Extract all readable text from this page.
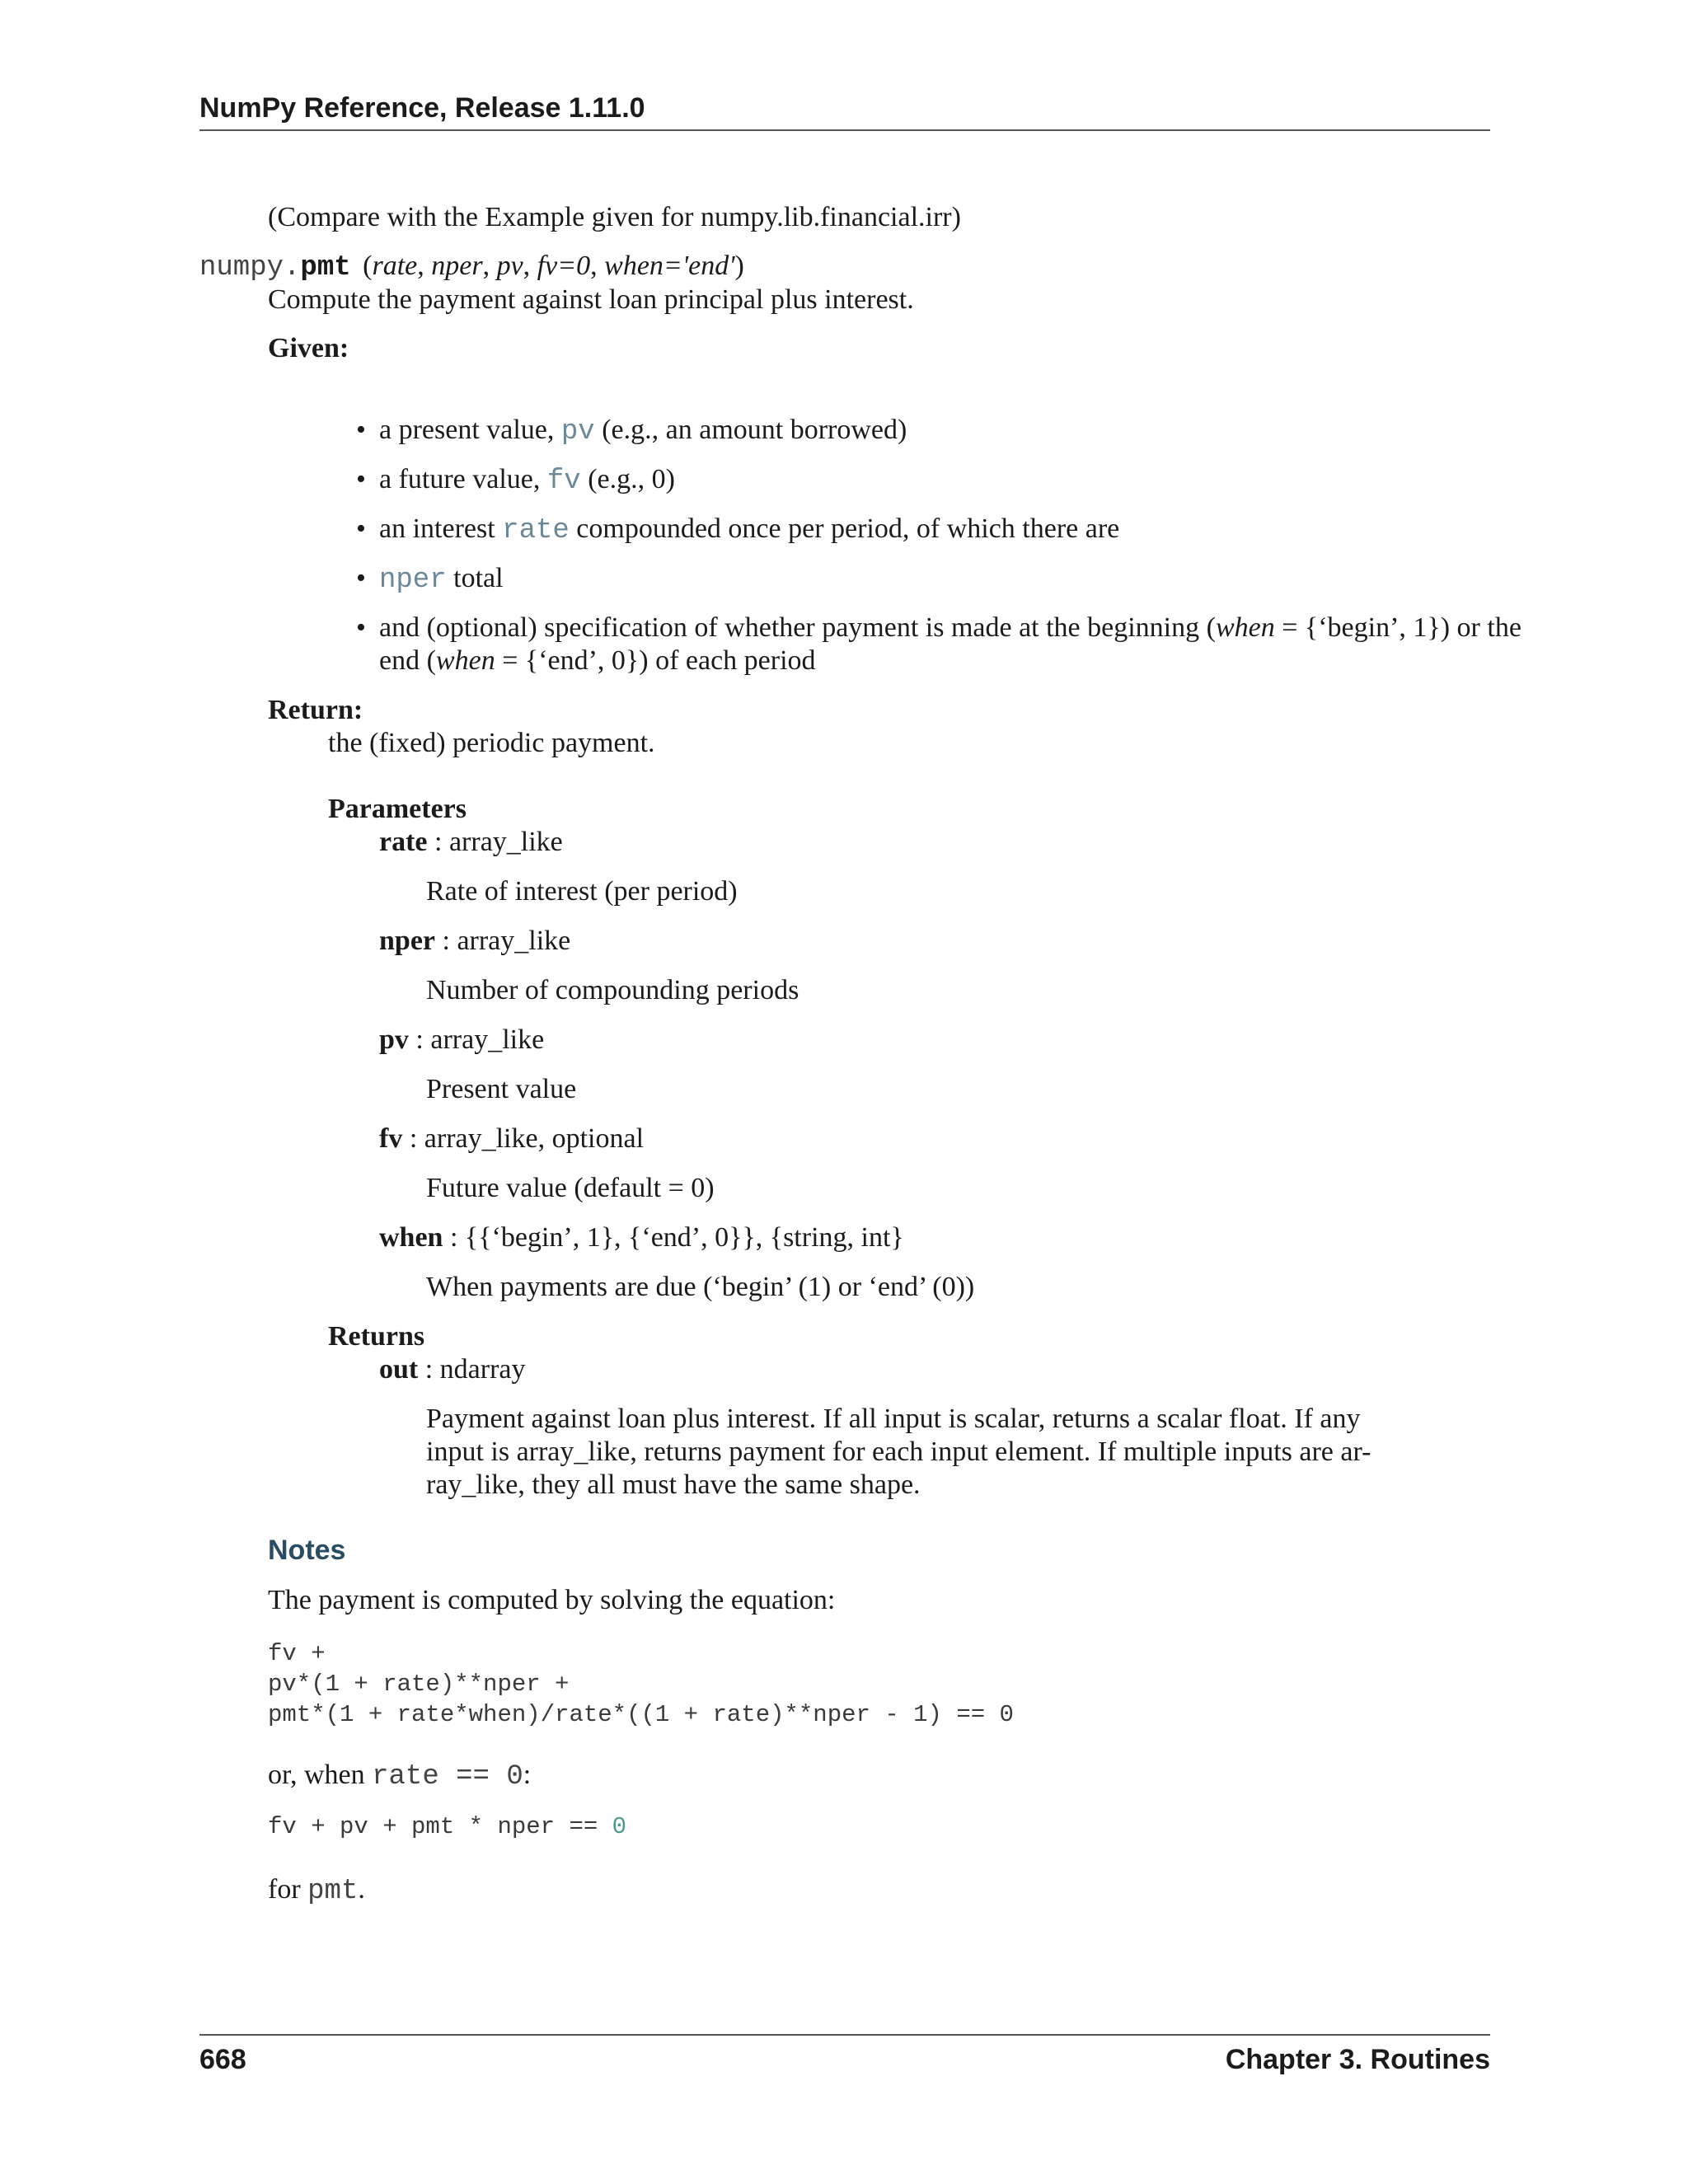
NumPy Reference, Release 1.11.0
(Compare with the Example given for numpy.lib.financial.irr)
numpy.pmt (rate, nper, pv, fv=0, when='end')
Compute the payment against loan principal plus interest.
Given:
• a present value, pv (e.g., an amount borrowed)
• a future value, fv (e.g., 0)
• an interest rate compounded once per period, of which there are
• nper total
• and (optional) specification of whether payment is made at the beginning (when = {‘begin’, 1}) or the
end (when = {‘end’, 0}) of each period
Return:
the (fixed) periodic payment.
Parameters
rate : array_like
Rate of interest (per period)
nper : array_like
Number of compounding periods
pv : array_like
Present value
fv : array_like, optional
Future value (default = 0)
when : {{‘begin’, 1}, {‘end’, 0}}, {string, int}
When payments are due (‘begin’ (1) or ‘end’ (0))
Returns
out : ndarray
Payment against loan plus interest. If all input is scalar, returns a scalar float. If any
input is array_like, returns payment for each input element. If multiple inputs are ar-
ray_like, they all must have the same shape.
Notes
The payment is computed by solving the equation:
fv +
pv*(1 + rate)**nper +
pmt*(1 + rate*when)/rate*((1 + rate)**nper - 1) == 0
or, when rate == 0:
fv + pv + pmt * nper == 0
for pmt.
668	Chapter 3. Routines
